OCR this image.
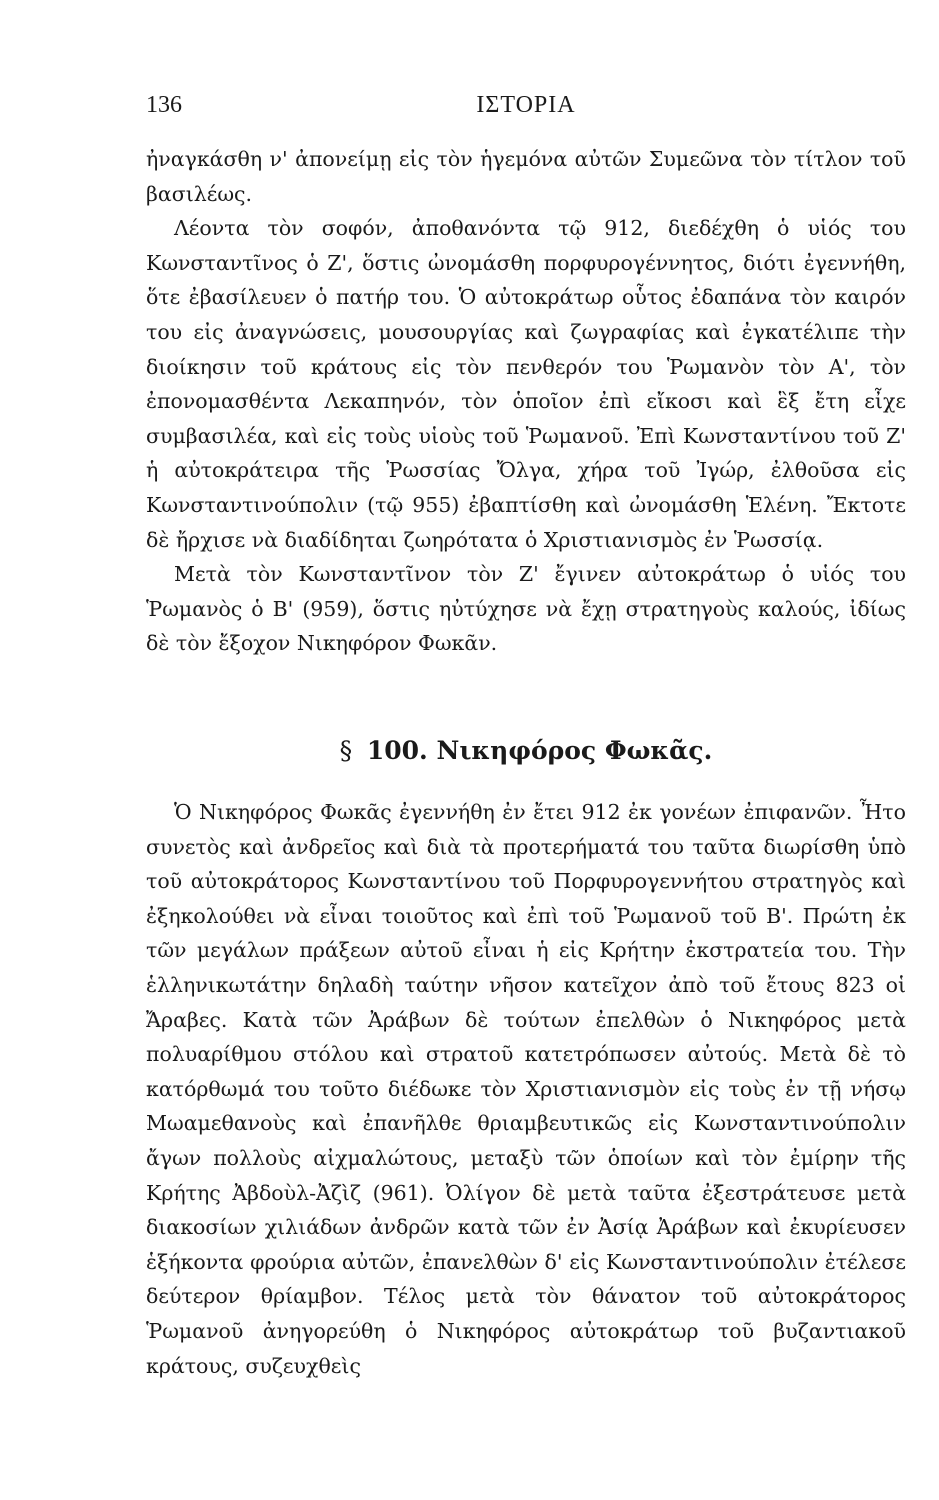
136	ΙΣΤΟΡΙΑ

ἠναγκάσθη ν' ἀπονείμῃ εἰς τὸν ἡγεμόνα αὐτῶν Συμεῶνα τὸν τίτλον τοῦ βασιλέως.

Λέοντα τὸν σοφόν, ἀποθανόντα τῷ 912, διεδέχθη ὁ υἱός του Κωνσταντῖνος ὁ Ζ', ὅστις ὠνομάσθη πορφυρογέννητος, διότι ἐγεννήθη, ὅτε ἐβασίλευεν ὁ πατήρ του. Ὁ αὐτοκράτωρ οὗτος ἐδαπάνα τὸν καιρόν του εἰς ἀναγνώσεις, μουσουργίας καὶ ζωγραφίας καὶ ἐγκατέλιπε τὴν διοίκησιν τοῦ κράτους εἰς τὸν πενθερόν του Ῥωμανὸν τὸν Α', τὸν ἐπονομασθέντα Λεκαπηνόν, τὸν ὁποῖον ἐπὶ εἴκοσι καὶ ἓξ ἔτη εἶχε συμβασιλέα, καὶ εἰς τοὺς υἱοὺς τοῦ Ῥωμανοῦ. Ἐπὶ Κωνσταντίνου τοῦ Ζ' ἡ αὐτοκράτειρα τῆς Ῥωσσίας Ὄλγα, χήρα τοῦ Ἰγώρ, ἐλθοῦσα εἰς Κωνσταντινούπολιν (τῷ 955) ἐβαπτίσθη καὶ ὠνομάσθη Ἑλένη. Ἔκτοτε δὲ ἤρχισε νὰ διαδίδηται ζωηρότατα ὁ Χριστιανισμὸς ἐν Ῥωσσίᾳ.

Μετὰ τὸν Κωνσταντῖνον τὸν Ζ' ἔγινεν αὐτοκράτωρ ὁ υἱός του Ῥωμανὸς ὁ Β' (959), ὅστις ηὐτύχησε νὰ ἔχῃ στρατηγοὺς καλούς, ἰδίως δὲ τὸν ἔξοχον Νικηφόρον Φωκᾶν.

§ 100. Νικηφόρος Φωκᾶς.

Ὁ Νικηφόρος Φωκᾶς ἐγεννήθη ἐν ἔτει 912 ἐκ γονέων ἐπιφανῶν. Ἦτο συνετὸς καὶ ἀνδρεῖος καὶ διὰ τὰ προτερήματά του ταῦτα διωρίσθη ὑπὸ τοῦ αὐτοκράτορος Κωνσταντίνου τοῦ Πορφυρογεννήτου στρατηγὸς καὶ ἐξηκολούθει νὰ εἶναι τοιοῦτος καὶ ἐπὶ τοῦ Ῥωμανοῦ τοῦ Β'. Πρώτη ἐκ τῶν μεγάλων πράξεων αὐτοῦ εἶναι ἡ εἰς Κρήτην ἐκστρατεία του. Τὴν ἑλληνικωτάτην δηλαδὴ ταύτην νῆσον κατεῖχον ἀπὸ τοῦ ἔτους 823 οἱ Ἄραβες. Κατὰ τῶν Ἀράβων δὲ τούτων ἐπελθὼν ὁ Νικηφόρος μετὰ πολυαρίθμου στόλου καὶ στρατοῦ κατετρόπωσεν αὐτούς. Μετὰ δὲ τὸ κατόρθωμά του τοῦτο διέδωκε τὸν Χριστιανισμὸν εἰς τοὺς ἐν τῇ νήσῳ Μωαμεθανοὺς καὶ ἐπανῆλθε θριαμβευτικῶς εἰς Κωνσταντινούπολιν ἄγων πολλοὺς αἰχμαλώτους, μεταξὺ τῶν ὁποίων καὶ τὸν ἐμίρην τῆς Κρήτης Ἀβδοὺλ-Ἀζὶζ (961). Ὀλίγον δὲ μετὰ ταῦτα ἐξεστράτευσε μετὰ διακοσίων χιλιάδων ἀνδρῶν κατὰ τῶν ἐν Ἀσίᾳ Ἀράβων καὶ ἐκυρίευσεν ἑξήκοντα φρούρια αὐτῶν, ἐπανελθὼν δ' εἰς Κωνσταντινούπολιν ἐτέλεσε δεύτερον θρίαμβον. Τέλος μετὰ τὸν θάνατον τοῦ αὐτοκράτορος Ῥωμανοῦ ἀνηγορεύθη ὁ Νικηφόρος αὐτοκράτωρ τοῦ βυζαντιακοῦ κράτους, συζευχθεὶς
